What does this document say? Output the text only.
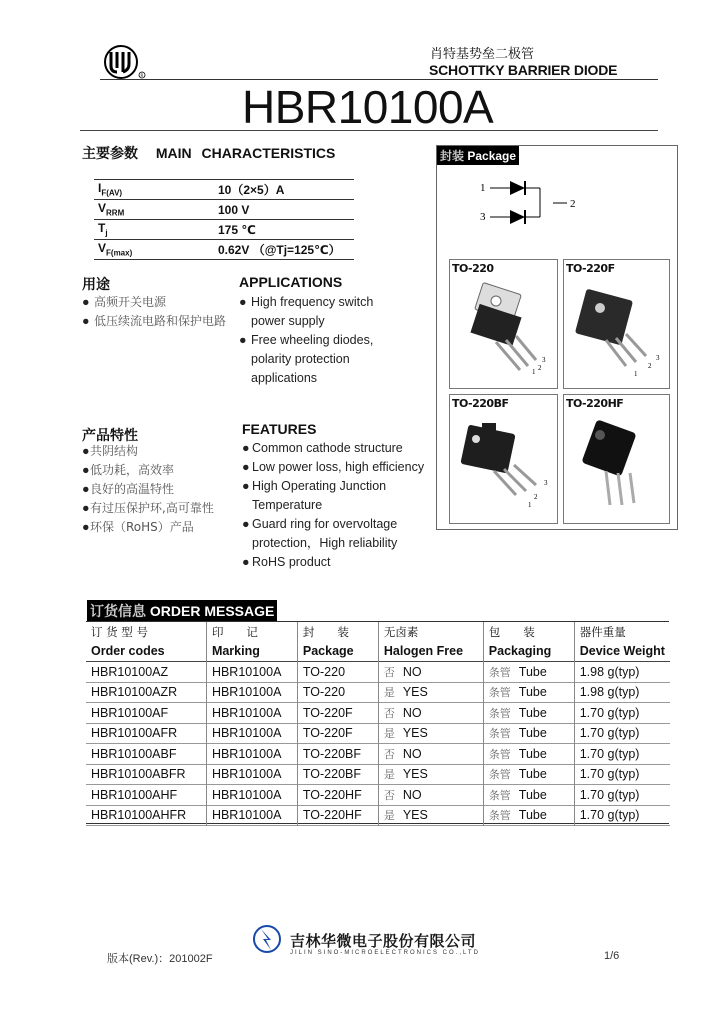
R
肖特基势垒二极管
SCHOTTKY BARRIER DIODE
HBR10100A
主要参数 MAIN CHARACTERISTICS
$I_{F(AV)}$	10（2×5）A
$V_{RRM}$	100 V
$T_j$	175 ℃
$V_{F(max)}$	0.62V （@Tj=125℃）
封装 Package
1
3
2
TO-220
1 2
3
TO-220F
1
2
3
TO-220BF
1
2
3
TO-220HF
用途	APPLICATIONS
● 高频开关电源
● 低压续流电路和保护电路
● High frequency switch power supply
● Free wheeling diodes, polarity protection applications
产品特性	FEATURES
● 共阴结构
● 低功耗，高效率
● 良好的高温特性
● 有过压保护环,高可靠性
● 环保（RoHS）产品
● Common cathode structure
● Low power loss, high efficiency
● High Operating Junction Temperature
● Guard ring for overvoltage protection，High reliability
● RoHS product
订货信息 ORDER MESSAGE
订 货 型 号	印　　记	封　　装	无卤素	包　　装	器件重量
Order codes	Marking	Package	Halogen Free	Packaging	Device Weight
HBR10100AZ	HBR10100A	TO-220	否 NO	条管 Tube	1.98 g(typ)
HBR10100AZR	HBR10100A	TO-220	是 YES	条管 Tube	1.98 g(typ)
HBR10100AF	HBR10100A	TO-220F	否 NO	条管 Tube	1.70 g(typ)
HBR10100AFR	HBR10100A	TO-220F	是 YES	条管 Tube	1.70 g(typ)
HBR10100ABF	HBR10100A	TO-220BF	否 NO	条管 Tube	1.70 g(typ)
HBR10100ABFR	HBR10100A	TO-220BF	是 YES	条管 Tube	1.70 g(typ)
HBR10100AHF	HBR10100A	TO-220HF	否 NO	条管 Tube	1.70 g(typ)
HBR10100AHFR	HBR10100A	TO-220HF	是 YES	条管 Tube	1.70 g(typ)
吉林华微电子股份有限公司
JILIN SINO-MICROELECTRONICS CO.,LTD
版本(Rev.)：201002F	1/6
